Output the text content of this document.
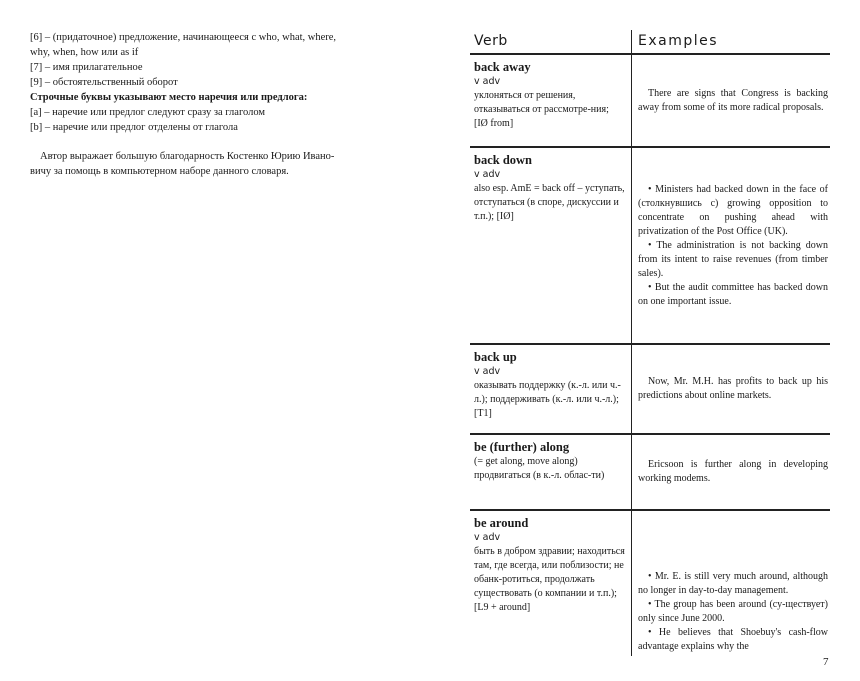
[6] – (придаточное) предложение, начинающееся с who, what, where,
why, when, how или as if
[7] – имя прилагательное
[9] – обстоятельственный оборот
Строчные буквы указывают место наречия или предлога:
[a] – наречие или предлог следуют сразу за глаголом
[b] – наречие или предлог отделены от глагола
Автор выражает большую благодарность Костенко Юрию Ивано-
вичу за помощь в компьютерном наборе данного словаря.
Verb	Examples
back away
v adv
уклоняться от решения, отказываться от рассмотре-ния; [IØ from]

There are signs that Congress is backing away from some of its more radical proposals.

back down
v adv
also esp. AmE = back off – уступать, отступаться (в споре, дискуссии и т.п.); [IØ]

• Ministers had backed down in the face of (столкнувшись с) growing opposition to concentrate on pushing ahead with privatization of the Post Office (UK).

• The administration is not backing down from its intent to raise revenues (from timber sales).

• But the audit committee has backed down on one important issue.

back up
v adv
оказывать поддержку (к.-л. или ч.-л.); поддерживать (к.-л. или ч.-л.); [T1]

Now, Mr. M.H. has profits to back up his predictions about online markets.

be (further) along
(= get along, move along)
продвигаться (в к.-л. облас-ти)

Ericsoon is further along in developing working modems.

be around
v adv
быть в добром здравии; находиться там, где всегда, или поблизости; не обанк-ротиться, продолжать существовать (о компании и т.п.); [L9 + around]

• Mr. E. is still very much around, although no longer in day-to-day management.

• The group has been around (су-ществует) only since June 2000.

• He believes that Shoebuy's cash-flow advantage explains why the

7
